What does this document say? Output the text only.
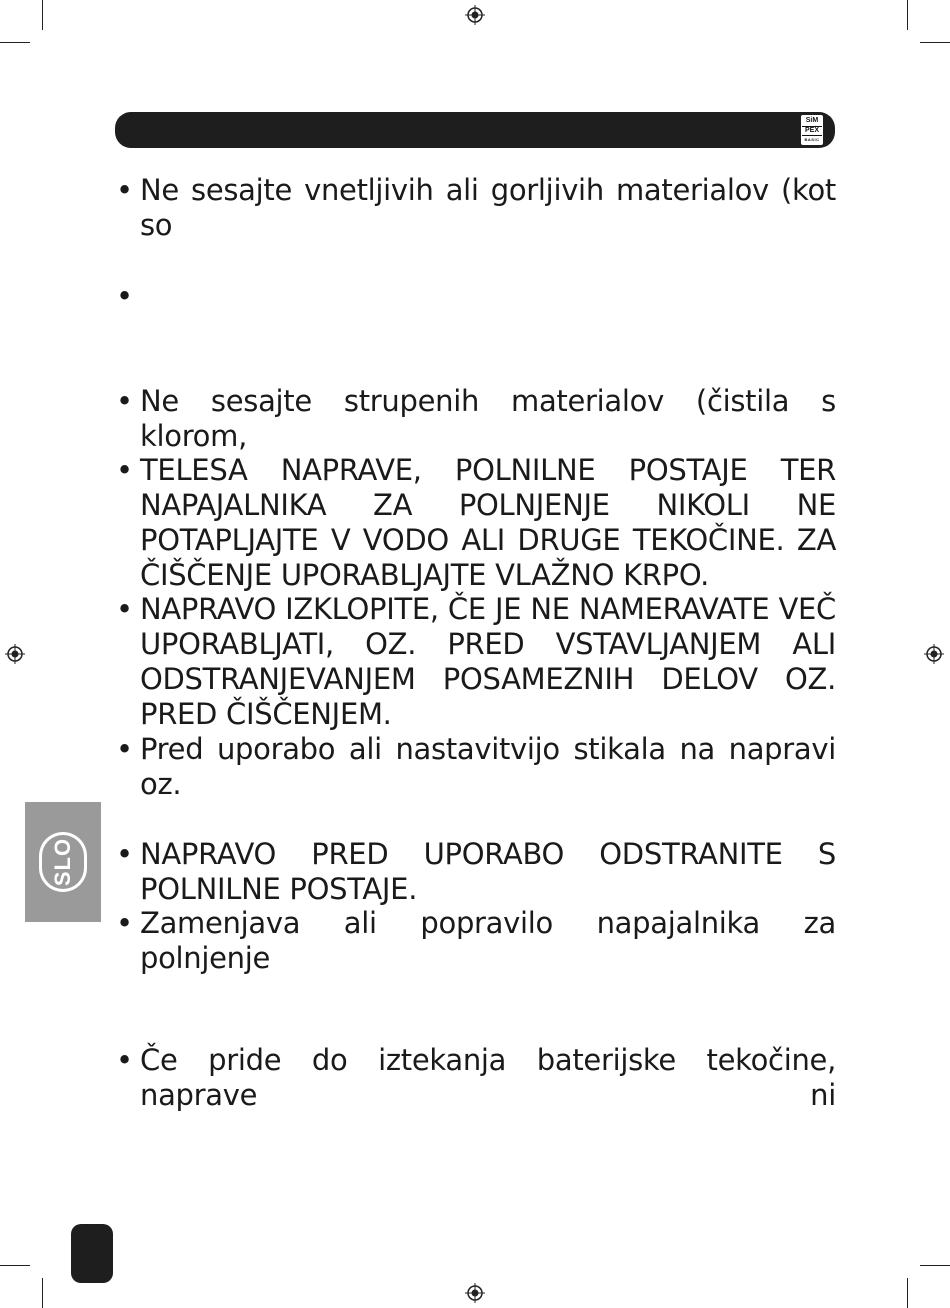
SiM
PEX
BASIC
• Ne sesajte vnetljivih ali gorljivih materialov (kot so
•
• Ne sesajte strupenih materialov (čistila s klorom,
• TELESA NAPRAVE, POLNILNE POSTAJE TER NAPAJALNIKA ZA POLNJENJE NIKOLI NE POTAPLJAJTE V VODO ALI DRUGE TEKOČINE. ZA ČIŠČENJE UPORABLJAJTE VLAŽNO KRPO.
• NAPRAVO IZKLOPITE, ČE JE NE NAMERAVATE VEČ UPORABLJATI, OZ. PRED VSTAVLJANJEM ALI ODSTRANJEVANJEM POSAMEZNIH DELOV OZ. PRED ČIŠČENJEM.
• Pred uporabo ali nastavitvijo stikala na napravi oz.
• NAPRAVO PRED UPORABO ODSTRANITE S POLNILNE POSTAJE.
• Zamenjava ali popravilo napajalnika za polnjenje
• Če pride do iztekanja baterijske tekočine, naprave ni
SLO
